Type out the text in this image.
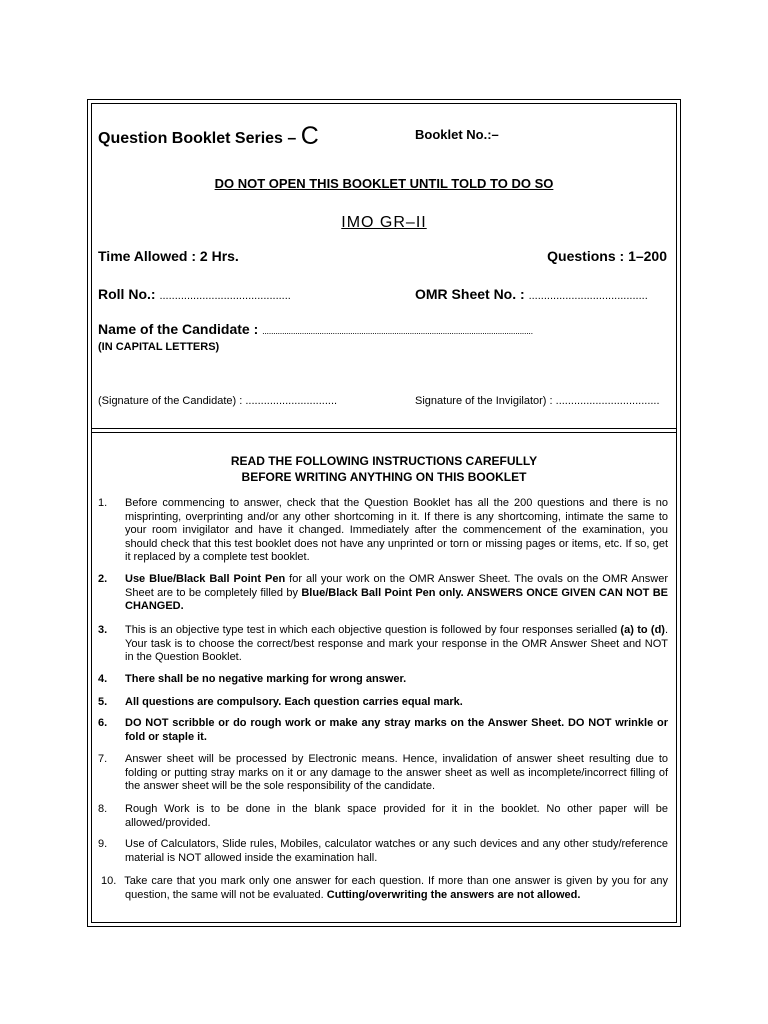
Question Booklet Series – C	Booklet No.:–
DO NOT OPEN THIS BOOKLET UNTIL TOLD TO DO SO
IMO GR–II
Time Allowed : 2 Hrs.	Questions : 1–200
Roll No.: ...........................................	OMR Sheet No. : .......................................
Name of the Candidate : ...........................................................................................................................
(IN CAPITAL LETTERS)
(Signature of the Candidate) : ..............................	Signature of the Invigilator) : ..................................
READ THE FOLLOWING INSTRUCTIONS CAREFULLY
BEFORE WRITING ANYTHING ON THIS BOOKLET
1.	Before commencing to answer, check that the Question Booklet has all the 200 questions and there is no misprinting, overprinting and/or any other shortcoming in it. If there is any shortcoming, intimate the same to your room invigilator and have it changed. Immediately after the commencement of the examination, you should check that this test booklet does not have any unprinted or torn or missing pages or items, etc. If so, get it replaced by a complete test booklet.
2.	Use Blue/Black Ball Point Pen for all your work on the OMR Answer Sheet. The ovals on the OMR Answer Sheet are to be completely filled by Blue/Black Ball Point Pen only. ANSWERS ONCE GIVEN CAN NOT BE CHANGED.
3.	This is an objective type test in which each objective question is followed by four responses serialled (a) to (d). Your task is to choose the correct/best response and mark your response in the OMR Answer Sheet and NOT in the Question Booklet.
4.	There shall be no negative marking for wrong answer.
5.	All questions are compulsory. Each question carries equal mark.
6.	DO NOT scribble or do rough work or make any stray marks on the Answer Sheet. DO NOT wrinkle or fold or staple it.
7.	Answer sheet will be processed by Electronic means. Hence, invalidation of answer sheet resulting due to folding or putting stray marks on it or any damage to the answer sheet as well as incomplete/incorrect filling of the answer sheet will be the sole responsibility of the candidate.
8.	Rough Work is to be done in the blank space provided for it in the booklet. No other paper will be allowed/provided.
9.	Use of Calculators, Slide rules, Mobiles, calculator watches or any such devices and any other study/reference material is NOT allowed inside the examination hall.
10. Take care that you mark only one answer for each question. If more than one answer is given by you for any question, the same will not be evaluated. Cutting/overwriting the answers are not allowed.
